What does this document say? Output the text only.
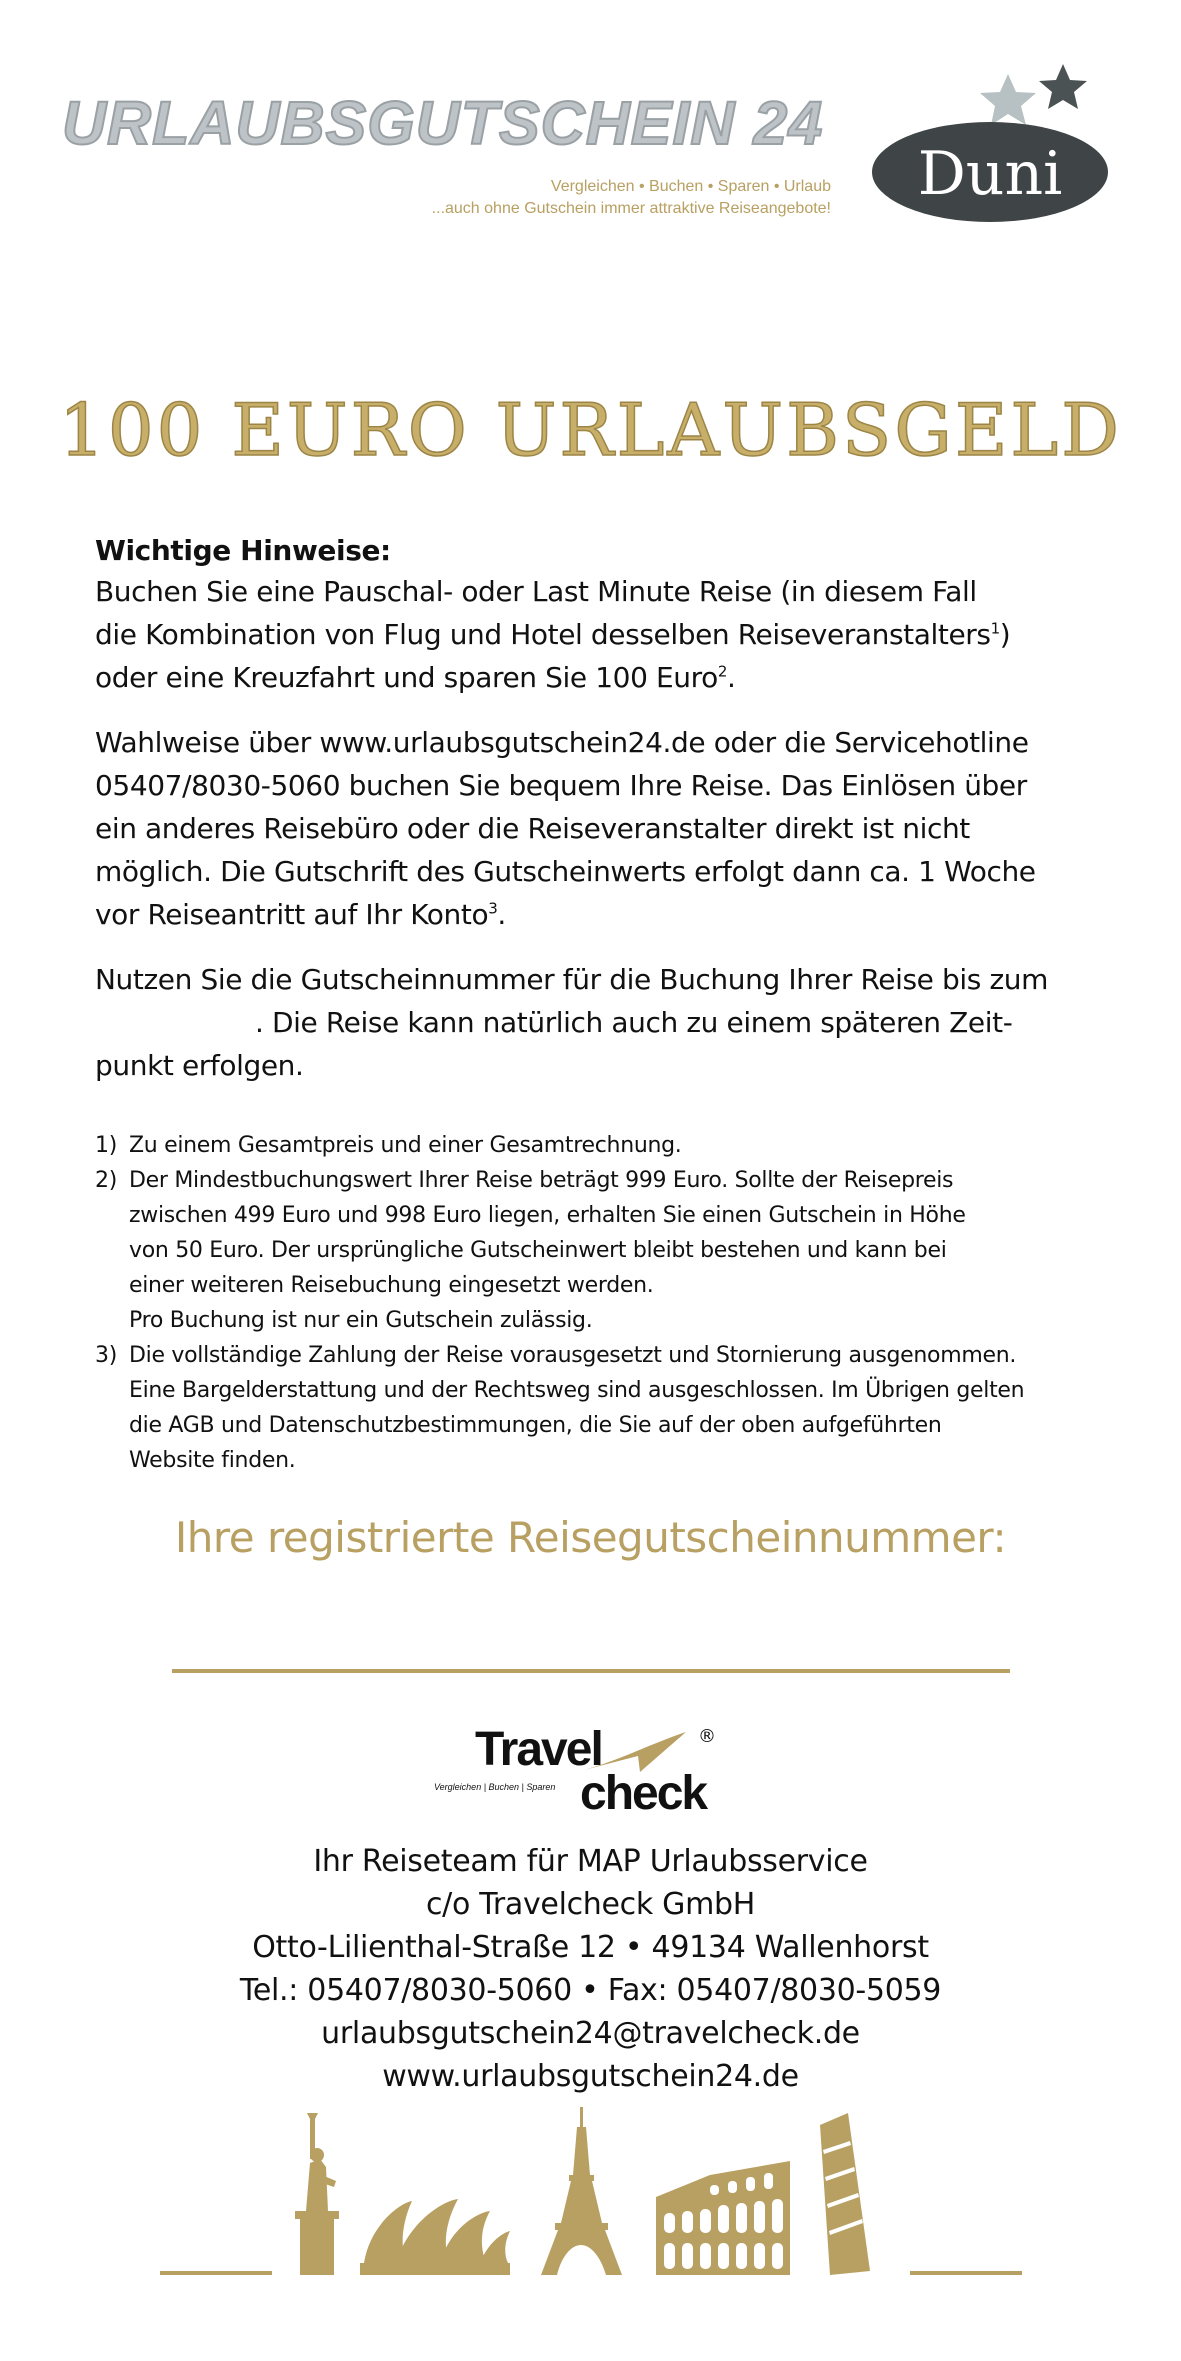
URLAUBSGUTSCHEIN 24
Vergleichen • Buchen • Sparen • Urlaub
...auch ohne Gutschein immer attraktive Reiseangebote! Duni
100 EURO URLAUBSGELD
Wichtige Hinweise:
Buchen Sie eine Pauschal- oder Last Minute Reise (in diesem Fall
die Kombination von Flug und Hotel desselben Reiseveranstalters$^1$)
oder eine Kreuzfahrt und sparen Sie 100 Euro$^2$.
Wahlweise über www.urlaubsgutschein24.de oder die Servicehotline
05407/8030-5060 buchen Sie bequem Ihre Reise. Das Einlösen über
ein anderes Reisebüro oder die Reiseveranstalter direkt ist nicht
möglich. Die Gutschrift des Gutscheinwerts erfolgt dann ca. 1 Woche
vor Reiseantritt auf Ihr Konto$^3$.
Nutzen Sie die Gutscheinnummer für die Buchung Ihrer Reise bis zum
. Die Reise kann natürlich auch zu einem späteren Zeit-
punkt erfolgen.
1) Zu einem Gesamtpreis und einer Gesamtrechnung.
2) Der Mindestbuchungswert Ihrer Reise beträgt 999 Euro. Sollte der Reisepreis
zwischen 499 Euro und 998 Euro liegen, erhalten Sie einen Gutschein in Höhe
von 50 Euro. Der ursprüngliche Gutscheinwert bleibt bestehen und kann bei
einer weiteren Reisebuchung eingesetzt werden.
Pro Buchung ist nur ein Gutschein zulässig.
3) Die vollständige Zahlung der Reise vorausgesetzt und Stornierung ausgenommen.
Eine Bargelderstattung und der Rechtsweg sind ausgeschlossen. Im Übrigen gelten
die AGB und Datenschutzbestimmungen, die Sie auf der oben aufgeführten
Website finden.
Ihre registrierte Reisegutscheinnummer:
Travel
check
Vergleichen | Buchen | Sparen
®
Ihr Reiseteam für MAP Urlaubsservice
c/o Travelcheck GmbH
Otto-Lilienthal-Straße 12 • 49134 Wallenhorst
Tel.: 05407/8030-5060 • Fax: 05407/8030-5059
urlaubsgutschein24@travelcheck.de
www.urlaubsgutschein24.de
